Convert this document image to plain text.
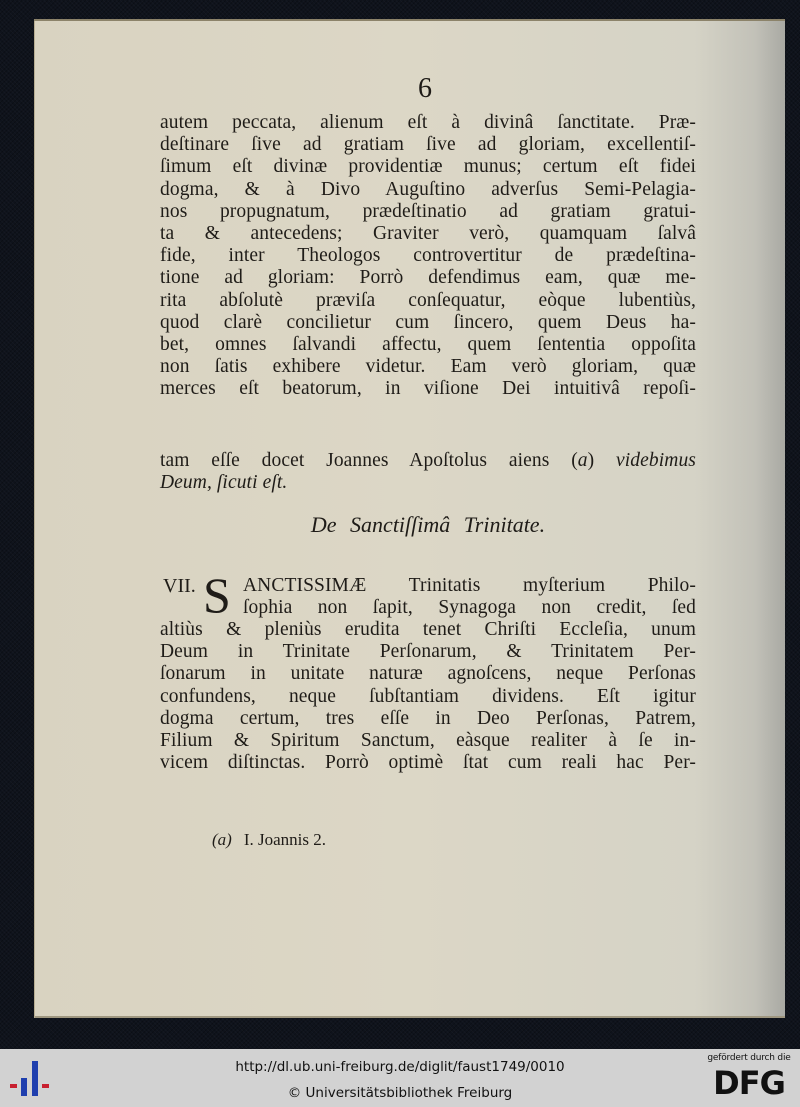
6
autem peccata, alienum eſt à divinâ ſanctitate. Præ-
deſtinare ſive ad gratiam ſive ad gloriam, excellentiſ-
ſimum eſt divinæ providentiæ munus; certum eſt fidei
dogma, & à Divo Auguſtino adverſus Semi-Pelagia-
nos propugnatum, prædeſtinatio ad gratiam gratui-
ta & antecedens; Graviter verò, quamquam ſalvâ
fide, inter Theologos controvertitur de prædeſtina-
tione ad gloriam: Porrò defendimus eam, quæ me-
rita abſolutè præviſa conſequatur, eòque lubentiùs,
quod clarè concilietur cum ſincero, quem Deus ha-
bet, omnes ſalvandi affectu, quem ſententia oppoſita
non ſatis exhibere videtur. Eam verò gloriam, quæ
merces eſt beatorum, in viſione Dei intuitivâ repoſi-
tam eſſe docet Joannes Apoſtolus aiens (a) videbimus
Deum, ſicuti eſt.
De Sanctiſſimâ Trinitate.
VII. S ANCTISSIMÆ Trinitatis myſterium Philo-
ſophia non ſapit, Synagoga non credit, ſed
altiùs & pleniùs erudita tenet Chriſti Eccleſia, unum
Deum in Trinitate Perſonarum, & Trinitatem Per-
ſonarum in unitate naturæ agnoſcens, neque Perſonas
confundens, neque ſubſtantiam dividens. Eſt igitur
dogma certum, tres eſſe in Deo Perſonas, Patrem,
Filium & Spiritum Sanctum, eàsque realiter à ſe in-
vicem diſtinctas. Porrò optimè ſtat cum reali hac Per-
(a) I. Joannis 2.
http://dl.ub.uni-freiburg.de/diglit/faust1749/0010
© Universitätsbibliothek Freiburg
gefördert durch die
DFG
